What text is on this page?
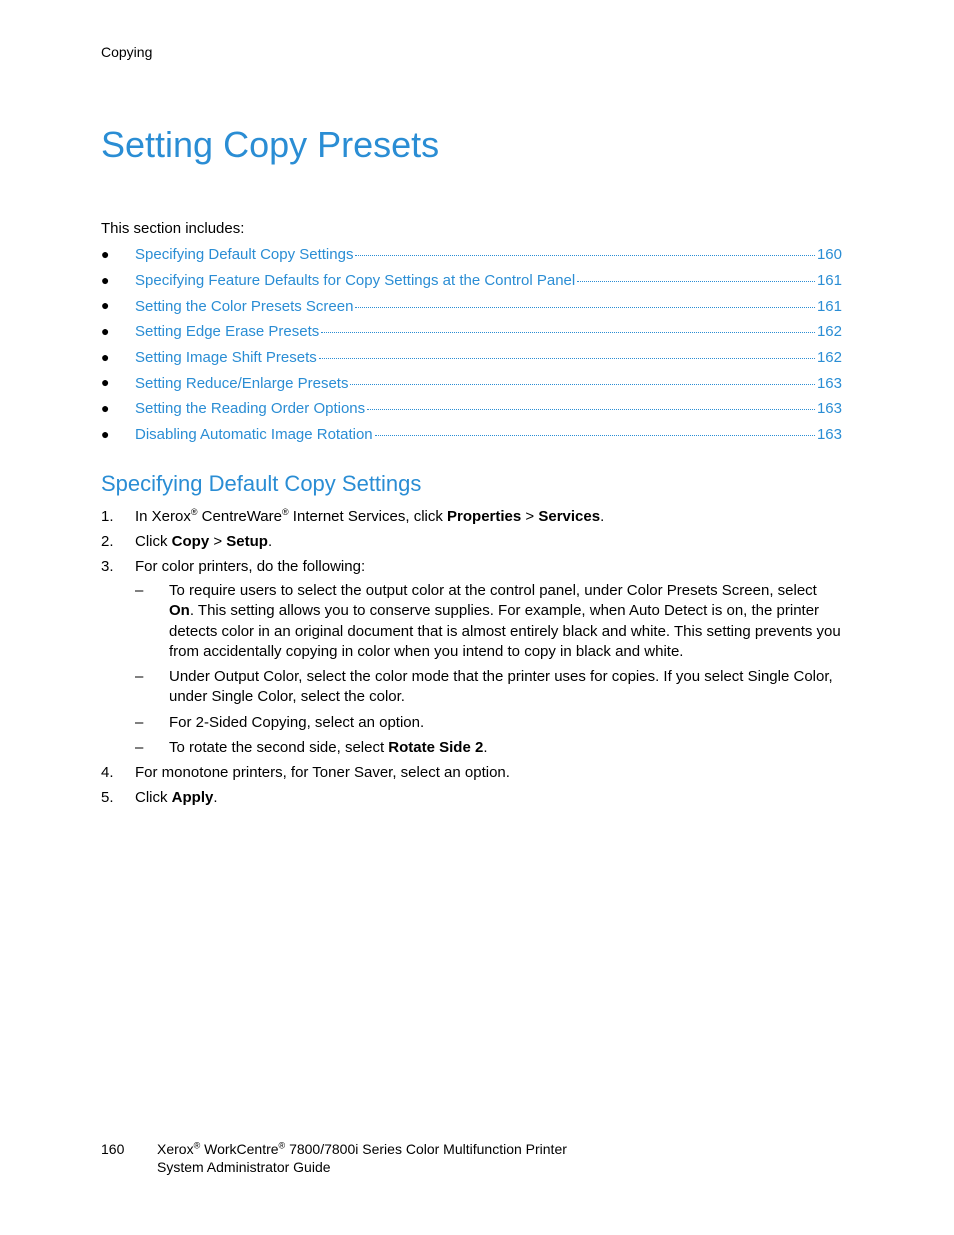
Copying
Setting Copy Presets
This section includes:
● Specifying Default Copy Settings	160
● Specifying Feature Defaults for Copy Settings at the Control Panel	161
● Setting the Color Presets Screen	161
● Setting Edge Erase Presets	162
● Setting Image Shift Presets	162
● Setting Reduce/Enlarge Presets	163
● Setting the Reading Order Options	163
● Disabling Automatic Image Rotation	163
Specifying Default Copy Settings
1. In Xerox® CentreWare® Internet Services, click Properties > Services.
2. Click Copy > Setup.
3. For color printers, do the following:
– To require users to select the output color at the control panel, under Color Presets Screen, select On. This setting allows you to conserve supplies. For example, when Auto Detect is on, the printer detects color in an original document that is almost entirely black and white. This setting prevents you from accidentally copying in color when you intend to copy in black and white.
– Under Output Color, select the color mode that the printer uses for copies. If you select Single Color, under Single Color, select the color.
– For 2-Sided Copying, select an option.
– To rotate the second side, select Rotate Side 2.
4. For monotone printers, for Toner Saver, select an option.
5. Click Apply.
160 Xerox® WorkCentre® 7800/7800i Series Color Multifunction Printer
System Administrator Guide
